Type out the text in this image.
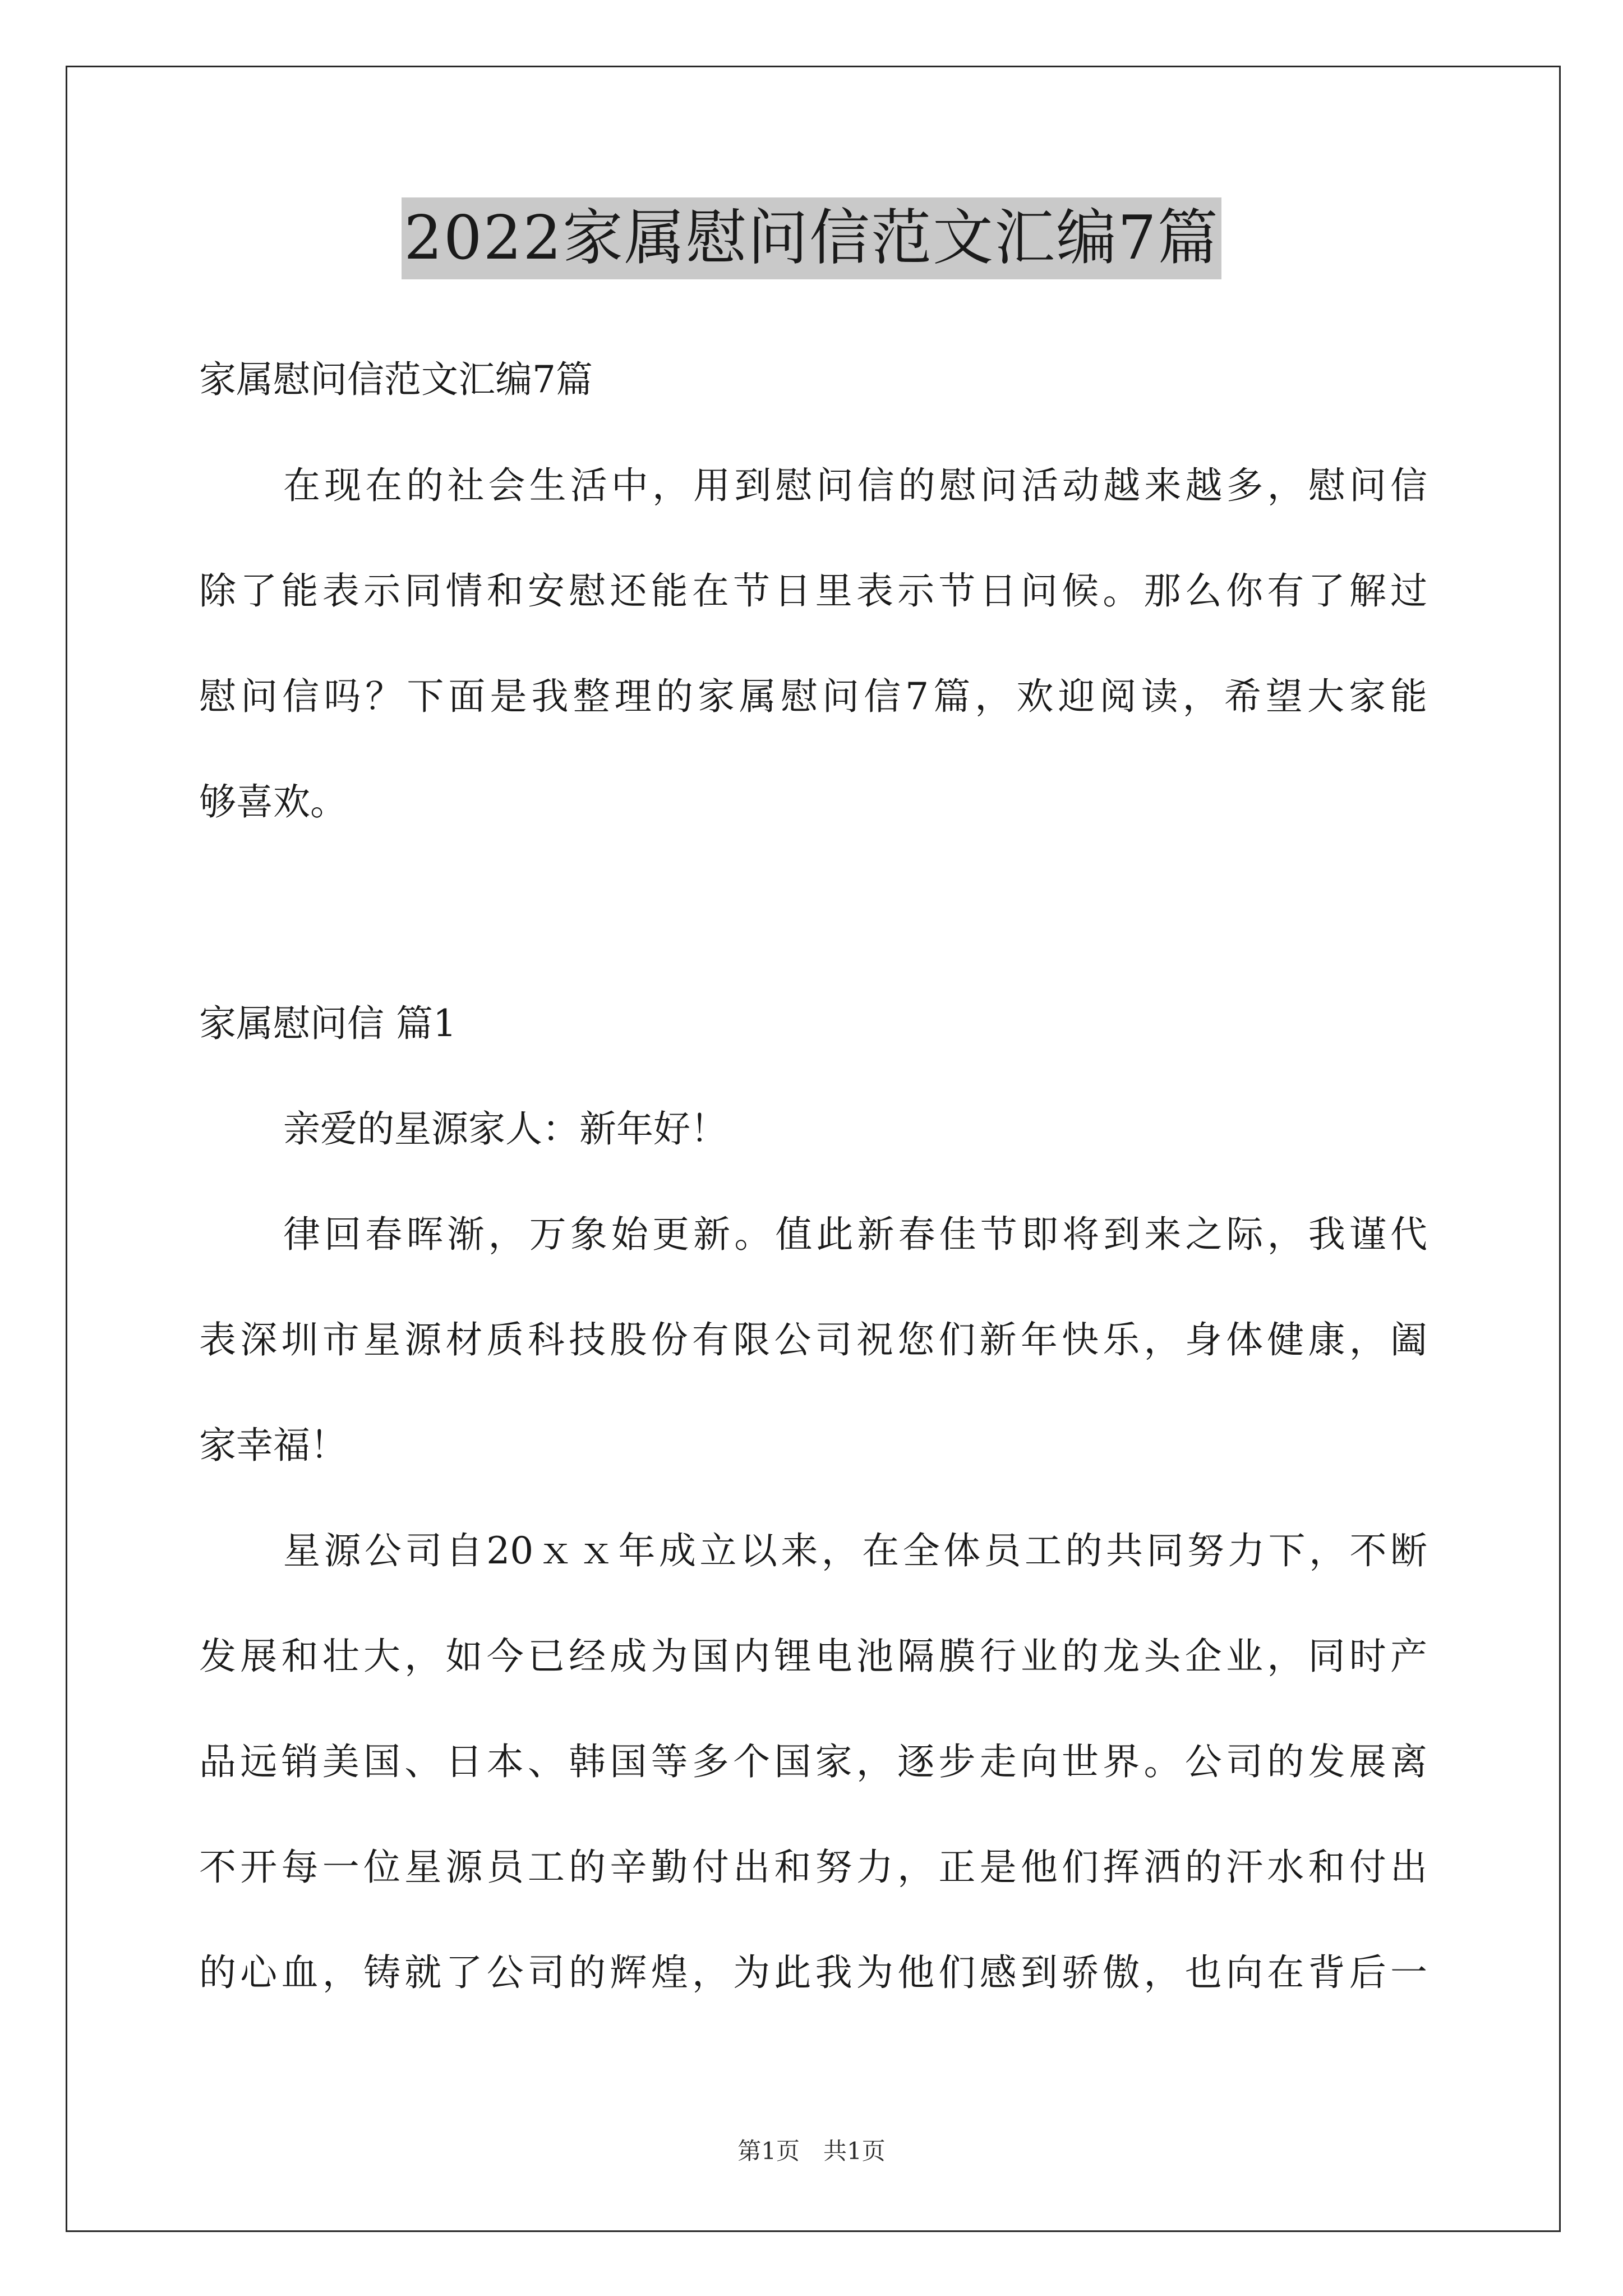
2022家属慰问信范文汇编7篇
家属慰问信范文汇编7篇
在现在的社会生活中，用到慰问信的慰问活动越来越多，慰问信
除了能表示同情和安慰还能在节日里表示节日问候。那么你有了解过
慰问信吗？下面是我整理的家属慰问信7篇，欢迎阅读，希望大家能
够喜欢。
家属慰问信 篇1
亲爱的星源家人：新年好！
律回春晖渐，万象始更新。值此新春佳节即将到来之际，我谨代
表深圳市星源材质科技股份有限公司祝您们新年快乐，身体健康，阖
家幸福！
星源公司自20ｘｘ年成立以来，在全体员工的共同努力下，不断
发展和壮大，如今已经成为国内锂电池隔膜行业的龙头企业，同时产
品远销美国、日本、韩国等多个国家，逐步走向世界。公司的发展离
不开每一位星源员工的辛勤付出和努力，正是他们挥洒的汗水和付出
的心血，铸就了公司的辉煌，为此我为他们感到骄傲，也向在背后一
第1页　共1页
